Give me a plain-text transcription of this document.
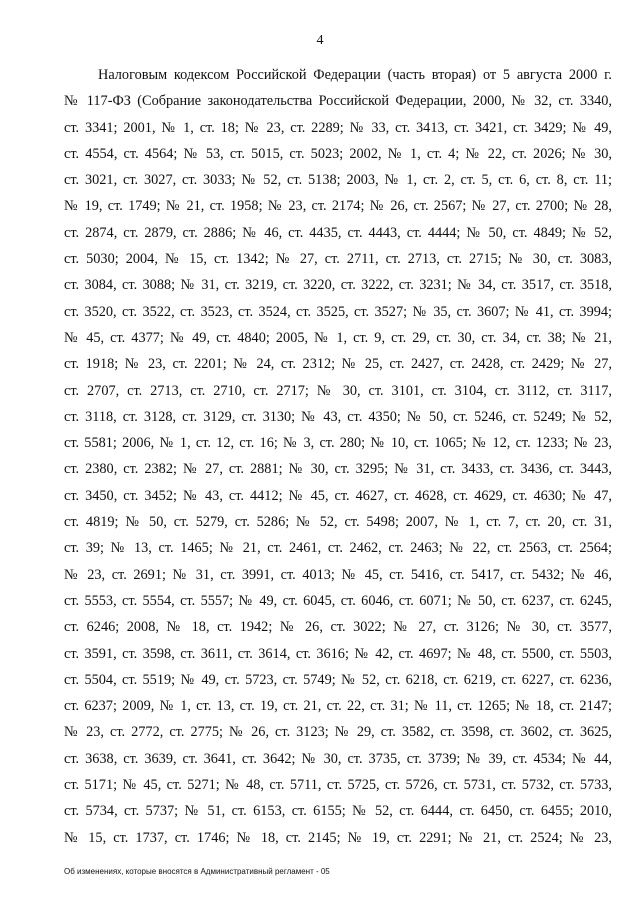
4
Налоговым кодексом Российской Федерации (часть вторая) от 5 августа 2000 г.
№ 117-ФЗ (Собрание законодательства Российской Федерации, 2000, № 32, ст. 3340,
ст. 3341; 2001, № 1, ст. 18; № 23, ст. 2289; № 33, ст. 3413, ст. 3421, ст. 3429; № 49,
ст. 4554, ст. 4564; № 53, ст. 5015, ст. 5023; 2002, № 1, ст. 4; № 22, ст. 2026; № 30,
ст. 3021, ст. 3027, ст. 3033; № 52, ст. 5138; 2003, № 1, ст. 2, ст. 5, ст. 6, ст. 8, ст. 11;
№ 19, ст. 1749; № 21, ст. 1958; № 23, ст. 2174; № 26, ст. 2567; № 27, ст. 2700; № 28,
ст. 2874, ст. 2879, ст. 2886; № 46, ст. 4435, ст. 4443, ст. 4444; № 50, ст. 4849; № 52,
ст. 5030; 2004, № 15, ст. 1342; № 27, ст. 2711, ст. 2713, ст. 2715; № 30, ст. 3083,
ст. 3084, ст. 3088; № 31, ст. 3219, ст. 3220, ст. 3222, ст. 3231; № 34, ст. 3517, ст. 3518,
ст. 3520, ст. 3522, ст. 3523, ст. 3524, ст. 3525, ст. 3527; № 35, ст. 3607; № 41, ст. 3994;
№ 45, ст. 4377; № 49, ст. 4840; 2005, № 1, ст. 9, ст. 29, ст. 30, ст. 34, ст. 38; № 21,
ст. 1918; № 23, ст. 2201; № 24, ст. 2312; № 25, ст. 2427, ст. 2428, ст. 2429; № 27,
ст. 2707, ст. 2713, ст. 2710, ст. 2717; № 30, ст. 3101, ст. 3104, ст. 3112, ст. 3117,
ст. 3118, ст. 3128, ст. 3129, ст. 3130; № 43, ст. 4350; № 50, ст. 5246, ст. 5249; № 52,
ст. 5581; 2006, № 1, ст. 12, ст. 16; № 3, ст. 280; № 10, ст. 1065; № 12, ст. 1233; № 23,
ст. 2380, ст. 2382; № 27, ст. 2881; № 30, ст. 3295; № 31, ст. 3433, ст. 3436, ст. 3443,
ст. 3450, ст. 3452; № 43, ст. 4412; № 45, ст. 4627, ст. 4628, ст. 4629, ст. 4630; № 47,
ст. 4819; № 50, ст. 5279, ст. 5286; № 52, ст. 5498; 2007, № 1, ст. 7, ст. 20, ст. 31,
ст. 39; № 13, ст. 1465; № 21, ст. 2461, ст. 2462, ст. 2463; № 22, ст. 2563, ст. 2564;
№ 23, ст. 2691; № 31, ст. 3991, ст. 4013; № 45, ст. 5416, ст. 5417, ст. 5432; № 46,
ст. 5553, ст. 5554, ст. 5557; № 49, ст. 6045, ст. 6046, ст. 6071; № 50, ст. 6237, ст. 6245,
ст. 6246; 2008, № 18, ст. 1942; № 26, ст. 3022; № 27, ст. 3126; № 30, ст. 3577,
ст. 3591, ст. 3598, ст. 3611, ст. 3614, ст. 3616; № 42, ст. 4697; № 48, ст. 5500, ст. 5503,
ст. 5504, ст. 5519; № 49, ст. 5723, ст. 5749; № 52, ст. 6218, ст. 6219, ст. 6227, ст. 6236,
ст. 6237; 2009, № 1, ст. 13, ст. 19, ст. 21, ст. 22, ст. 31; № 11, ст. 1265; № 18, ст. 2147;
№ 23, ст. 2772, ст. 2775; № 26, ст. 3123; № 29, ст. 3582, ст. 3598, ст. 3602, ст. 3625,
ст. 3638, ст. 3639, ст. 3641, ст. 3642; № 30, ст. 3735, ст. 3739; № 39, ст. 4534; № 44,
ст. 5171; № 45, ст. 5271; № 48, ст. 5711, ст. 5725, ст. 5726, ст. 5731, ст. 5732, ст. 5733,
ст. 5734, ст. 5737; № 51, ст. 6153, ст. 6155; № 52, ст. 6444, ст. 6450, ст. 6455; 2010,
№ 15, ст. 1737, ст. 1746; № 18, ст. 2145; № 19, ст. 2291; № 21, ст. 2524; № 23,
Об изменениях, которые вносятся в Административный регламент - 05
